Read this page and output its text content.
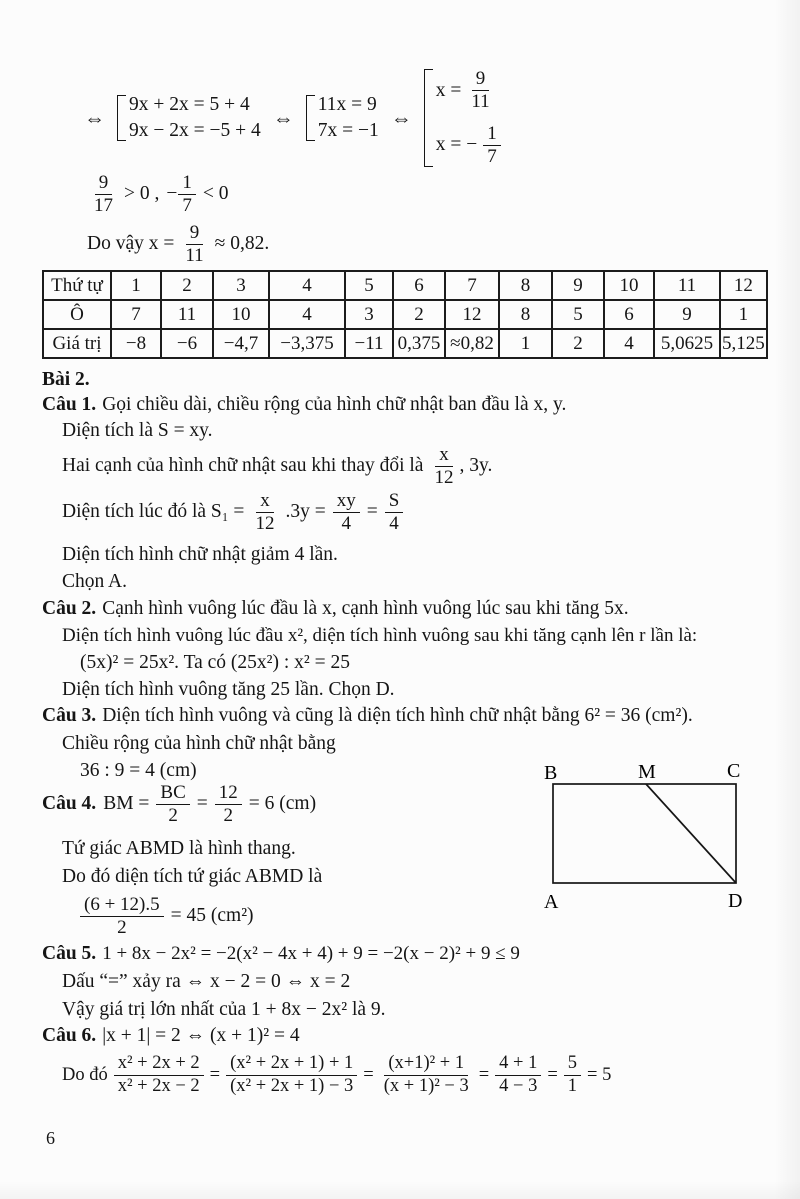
⇔
9x + 2x = 5 + 4
9x − 2x = −5 + 4
⇔
11x = 9
7x = −1
⇔
$x = \frac{9}{11}$
x = − $\frac{1}{7}$
$\frac{9}{17} > 0$ , − $\frac{1}{7} < 0$
Do vậy $x = \frac{9}{11} \approx 0,82$.
Thứ tự	1	2	3	4	5	6	7	8	9	10	11	12
Ô	7	11	10	4	3	2	12	8	5	6	9	1
Giá trị	−8	−6	−4,7	−3,375	−11	0,375	≈0,82	1	2	4	5,0625	5,125
Bài 2.
Câu 1. Gọi chiều dài, chiều rộng của hình chữ nhật ban đầu là x, y.
Diện tích là S = xy.
Hai cạnh của hình chữ nhật sau khi thay đổi là $\frac{x}{12}$ , 3y.
Diện tích lúc đó là $S_1 = \frac{x}{12} .3y = \frac{xy}{4} = \frac{S}{4}$
Diện tích hình chữ nhật giảm 4 lần.
Chọn A.
Câu 2. Cạnh hình vuông lúc đầu là x, cạnh hình vuông lúc sau khi tăng 5x.
Diện tích hình vuông lúc đầu x², diện tích hình vuông sau khi tăng cạnh lên r lần là:
(5x)² = 25x². Ta có (25x²) : x² = 25
Diện tích hình vuông tăng 25 lần. Chọn D.
Câu 3. Diện tích hình vuông và cũng là diện tích hình chữ nhật bằng 6² = 36 (cm²).
Chiều rộng của hình chữ nhật bằng
36 : 9 = 4 (cm)
Câu 4. BM = $\frac{BC}{2} = \frac{12}{2} = 6$ (cm)
Tứ giác ABMD là hình thang.
Do đó diện tích tứ giác ABMD là
$\frac{(6 + 12).5}{2} = 45$ (cm²)
B	M	C
A	D
Câu 5. 1 + 8x − 2x² = −2(x² − 4x + 4) + 9 = −2(x − 2)² + 9 ≤ 9
Dấu “=” xảy ra ⇔ x − 2 = 0 ⇔ x = 2
Vậy giá trị lớn nhất của 1 + 8x − 2x² là 9.
Câu 6. |x + 1| = 2 ⇔ (x + 1)² = 4
Do đó $\frac{\text{x² + 2x + 2}}{\text{x² + 2x − 2}} = \frac{\text{(x² + 2x + 1) + 1}}{\text{(x² + 2x + 1) − 3}} = \frac{\text{(x+1)² + 1}}{\text{(x + 1)² − 3}} = \frac{4 + 1}{4 - 3} = \frac{5}{1} = 5$
6
